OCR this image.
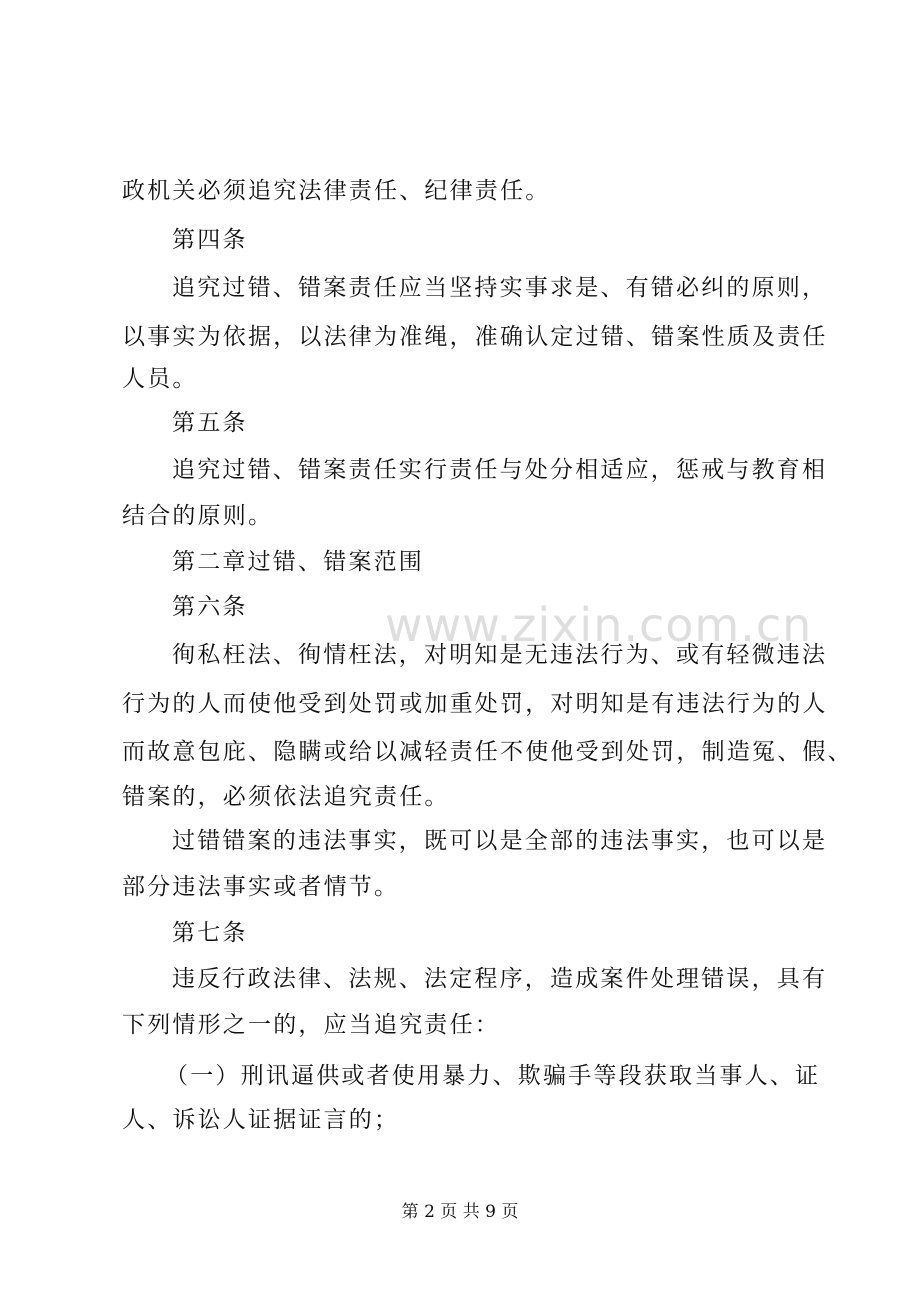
www.zixin.com.cn
政机关必须追究法律责任、纪律责任。
第四条
追究过错、错案责任应当坚持实事求是、有错必纠的原则，
以事实为依据，以法律为准绳，准确认定过错、错案性质及责任
人员。
第五条
追究过错、错案责任实行责任与处分相适应，惩戒与教育相
结合的原则。
第二章过错、错案范围
第六条
徇私枉法、徇情枉法，对明知是无违法行为、或有轻微违法
行为的人而使他受到处罚或加重处罚，对明知是有违法行为的人
而故意包庇、隐瞒或给以减轻责任不使他受到处罚，制造冤、假、
错案的，必须依法追究责任。
过错错案的违法事实，既可以是全部的违法事实，也可以是
部分违法事实或者情节。
第七条
违反行政法律、法规、法定程序，造成案件处理错误，具有
下列情形之一的，应当追究责任：
（一）刑讯逼供或者使用暴力、欺骗手等段获取当事人、证
人、诉讼人证据证言的；
第 2 页 共 9 页
